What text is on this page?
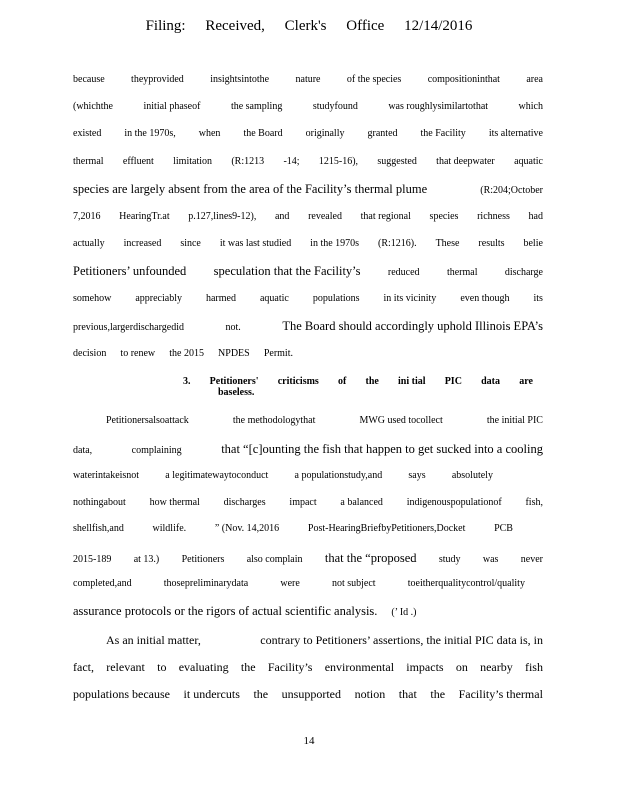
Filing: Received, Clerk's Office 12/14/2016
because	theyprovided	insightsintothe	nature	of the species	compositioninthat	area
(whichthe	initial phaseof	the sampling	studyfound	was roughlysimilartothat	which
existed in the 1970s, when the Board originally granted the Facility its alternative
thermal effluent limitation (R:1213 -14; 1215-16), suggested that deepwater aquatic
species are largely absent from the area of the Facility’s thermal plume	(R:204;October
7,2016 HearingTr.at p.127,lines9-12), and revealed that regional species richness had
actually increased since it was last studied in the 1970s (R:1216). These results belie
Petitioners’ unfounded speculation that the Facility’s	reduced	thermal	discharge
somehow appreciably harmed aquatic populations in its vicinity even though its
previous,largerdischargedid	not.	The Board should accordingly uphold Illinois EPA’s
decision to renew the 2015 NPDES Permit.
3. Petitioners' criticisms of the ini tial PIC data are
baseless.
Petitionersalsoattack	the methodologythat	MWG used tocollect	the initial PIC
data,	complaining	that “[c]ounting the fish that happen to get sucked into a cooling
waterintakeisnot	a legitimatewaytoconduct	a populationstudy,and	says	absolutely
nothingabout how thermal discharges impact a balanced indigenouspopulationof fish,
shellfish,and	wildlife.	” (Nov. 14,2016	Post-HearingBriefbyPetitioners,Docket	PCB
2015-189 at 13.) Petitioners also complain that the “proposed study was never
completed,and	thosepreliminarydata	were	not subject	toeitherqualitycontrol/quality
assurance protocols or the rigors of actual scientific analysis. (’ Id .)
As an initial matter,	contrary to Petitioners’ assertions, the initial PIC data is, in
fact, relevant to evaluating the Facility’s environmental impacts on nearby fish
populations because it undercuts the unsupported notion that the Facility’s thermal
14
